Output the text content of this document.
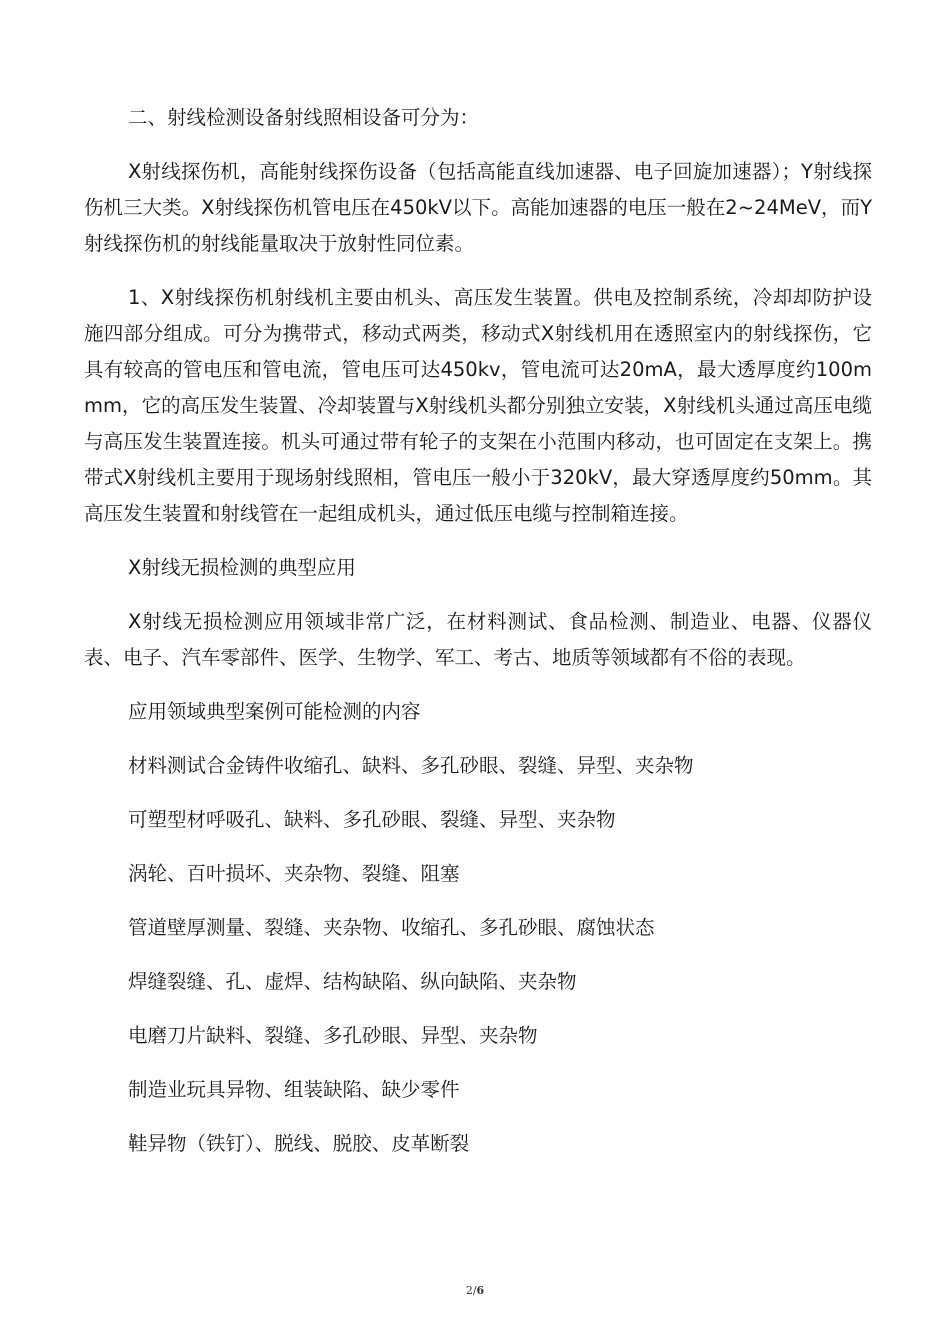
二、射线检测设备射线照相设备可分为：

X射线探伤机，高能射线探伤设备（包括高能直线加速器、电子回旋加速器）；Y射线探伤机三大类。X射线探伤机管电压在450kV以下。高能加速器的电压一般在2~24MeV，而Y射线探伤机的射线能量取决于放射性同位素。

1、X射线探伤机射线机主要由机头、高压发生装置。供电及控制系统，冷却却防护设施四部分组成。可分为携带式，移动式两类，移动式X射线机用在透照室内的射线探伤，它具有较高的管电压和管电流，管电压可达450kv，管电流可达20mA，最大透厚度约100mmm，它的高压发生装置、冷却装置与X射线机头都分别独立安装，X射线机头通过高压电缆与高压发生装置连接。机头可通过带有轮子的支架在小范围内移动，也可固定在支架上。携带式X射线机主要用于现场射线照相，管电压一般小于320kV，最大穿透厚度约50mm。其高压发生装置和射线管在一起组成机头，通过低压电缆与控制箱连接。

X射线无损检测的典型应用

X射线无损检测应用领域非常广泛，在材料测试、食品检测、制造业、电器、仪器仪表、电子、汽车零部件、医学、生物学、军工、考古、地质等领域都有不俗的表现。

应用领域典型案例可能检测的内容

材料测试合金铸件收缩孔、缺料、多孔砂眼、裂缝、异型、夹杂物

可塑型材呼吸孔、缺料、多孔砂眼、裂缝、异型、夹杂物

涡轮、百叶损坏、夹杂物、裂缝、阻塞

管道壁厚测量、裂缝、夹杂物、收缩孔、多孔砂眼、腐蚀状态

焊缝裂缝、孔、虚焊、结构缺陷、纵向缺陷、夹杂物

电磨刀片缺料、裂缝、多孔砂眼、异型、夹杂物

制造业玩具异物、组装缺陷、缺少零件

鞋异物（铁钉）、脱线、脱胶、皮革断裂

2/6
